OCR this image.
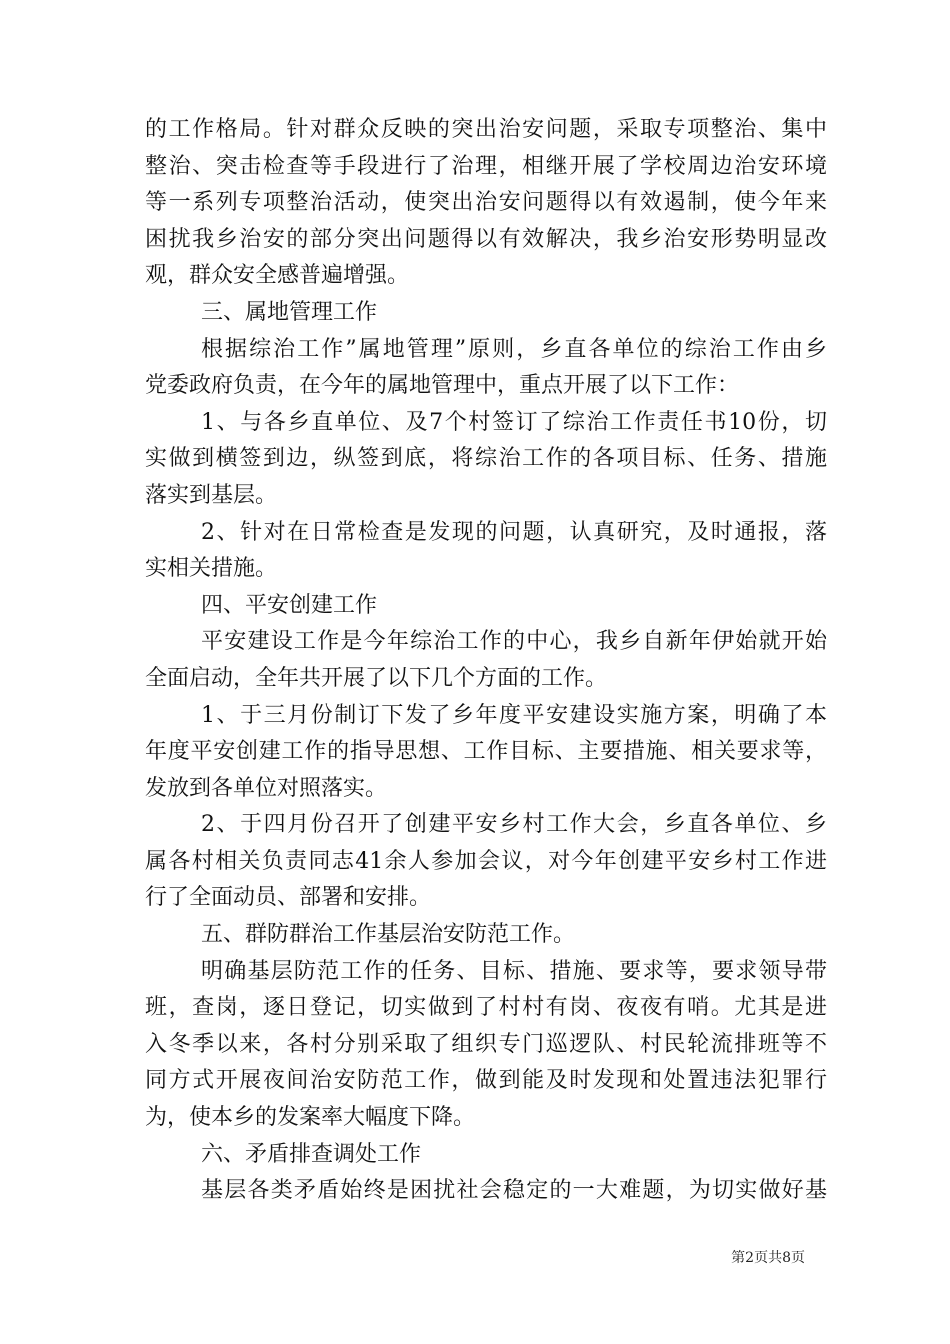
的工作格局。针对群众反映的突出治安问题，采取专项整治、集中
整治、突击检查等手段进行了治理，相继开展了学校周边治安环境
等一系列专项整治活动，使突出治安问题得以有效遏制，使今年来
困扰我乡治安的部分突出问题得以有效解决，我乡治安形势明显改
观，群众安全感普遍增强。
三、属地管理工作
根据综治工作”属地管理”原则，乡直各单位的综治工作由乡
党委政府负责，在今年的属地管理中，重点开展了以下工作：
1、与各乡直单位、及7个村签订了综治工作责任书10份，切
实做到横签到边，纵签到底，将综治工作的各项目标、任务、措施
落实到基层。
2、针对在日常检查是发现的问题，认真研究，及时通报，落
实相关措施。
四、平安创建工作
平安建设工作是今年综治工作的中心，我乡自新年伊始就开始
全面启动，全年共开展了以下几个方面的工作。
1、于三月份制订下发了乡年度平安建设实施方案，明确了本
年度平安创建工作的指导思想、工作目标、主要措施、相关要求等，
发放到各单位对照落实。
2、于四月份召开了创建平安乡村工作大会，乡直各单位、乡
属各村相关负责同志41余人参加会议，对今年创建平安乡村工作进
行了全面动员、部署和安排。
五、群防群治工作基层治安防范工作。
明确基层防范工作的任务、目标、措施、要求等，要求领导带
班，查岗，逐日登记，切实做到了村村有岗、夜夜有哨。尤其是进
入冬季以来，各村分别采取了组织专门巡逻队、村民轮流排班等不
同方式开展夜间治安防范工作，做到能及时发现和处置违法犯罪行
为，使本乡的发案率大幅度下降。
六、矛盾排查调处工作
基层各类矛盾始终是困扰社会稳定的一大难题，为切实做好基
第2页共8页
